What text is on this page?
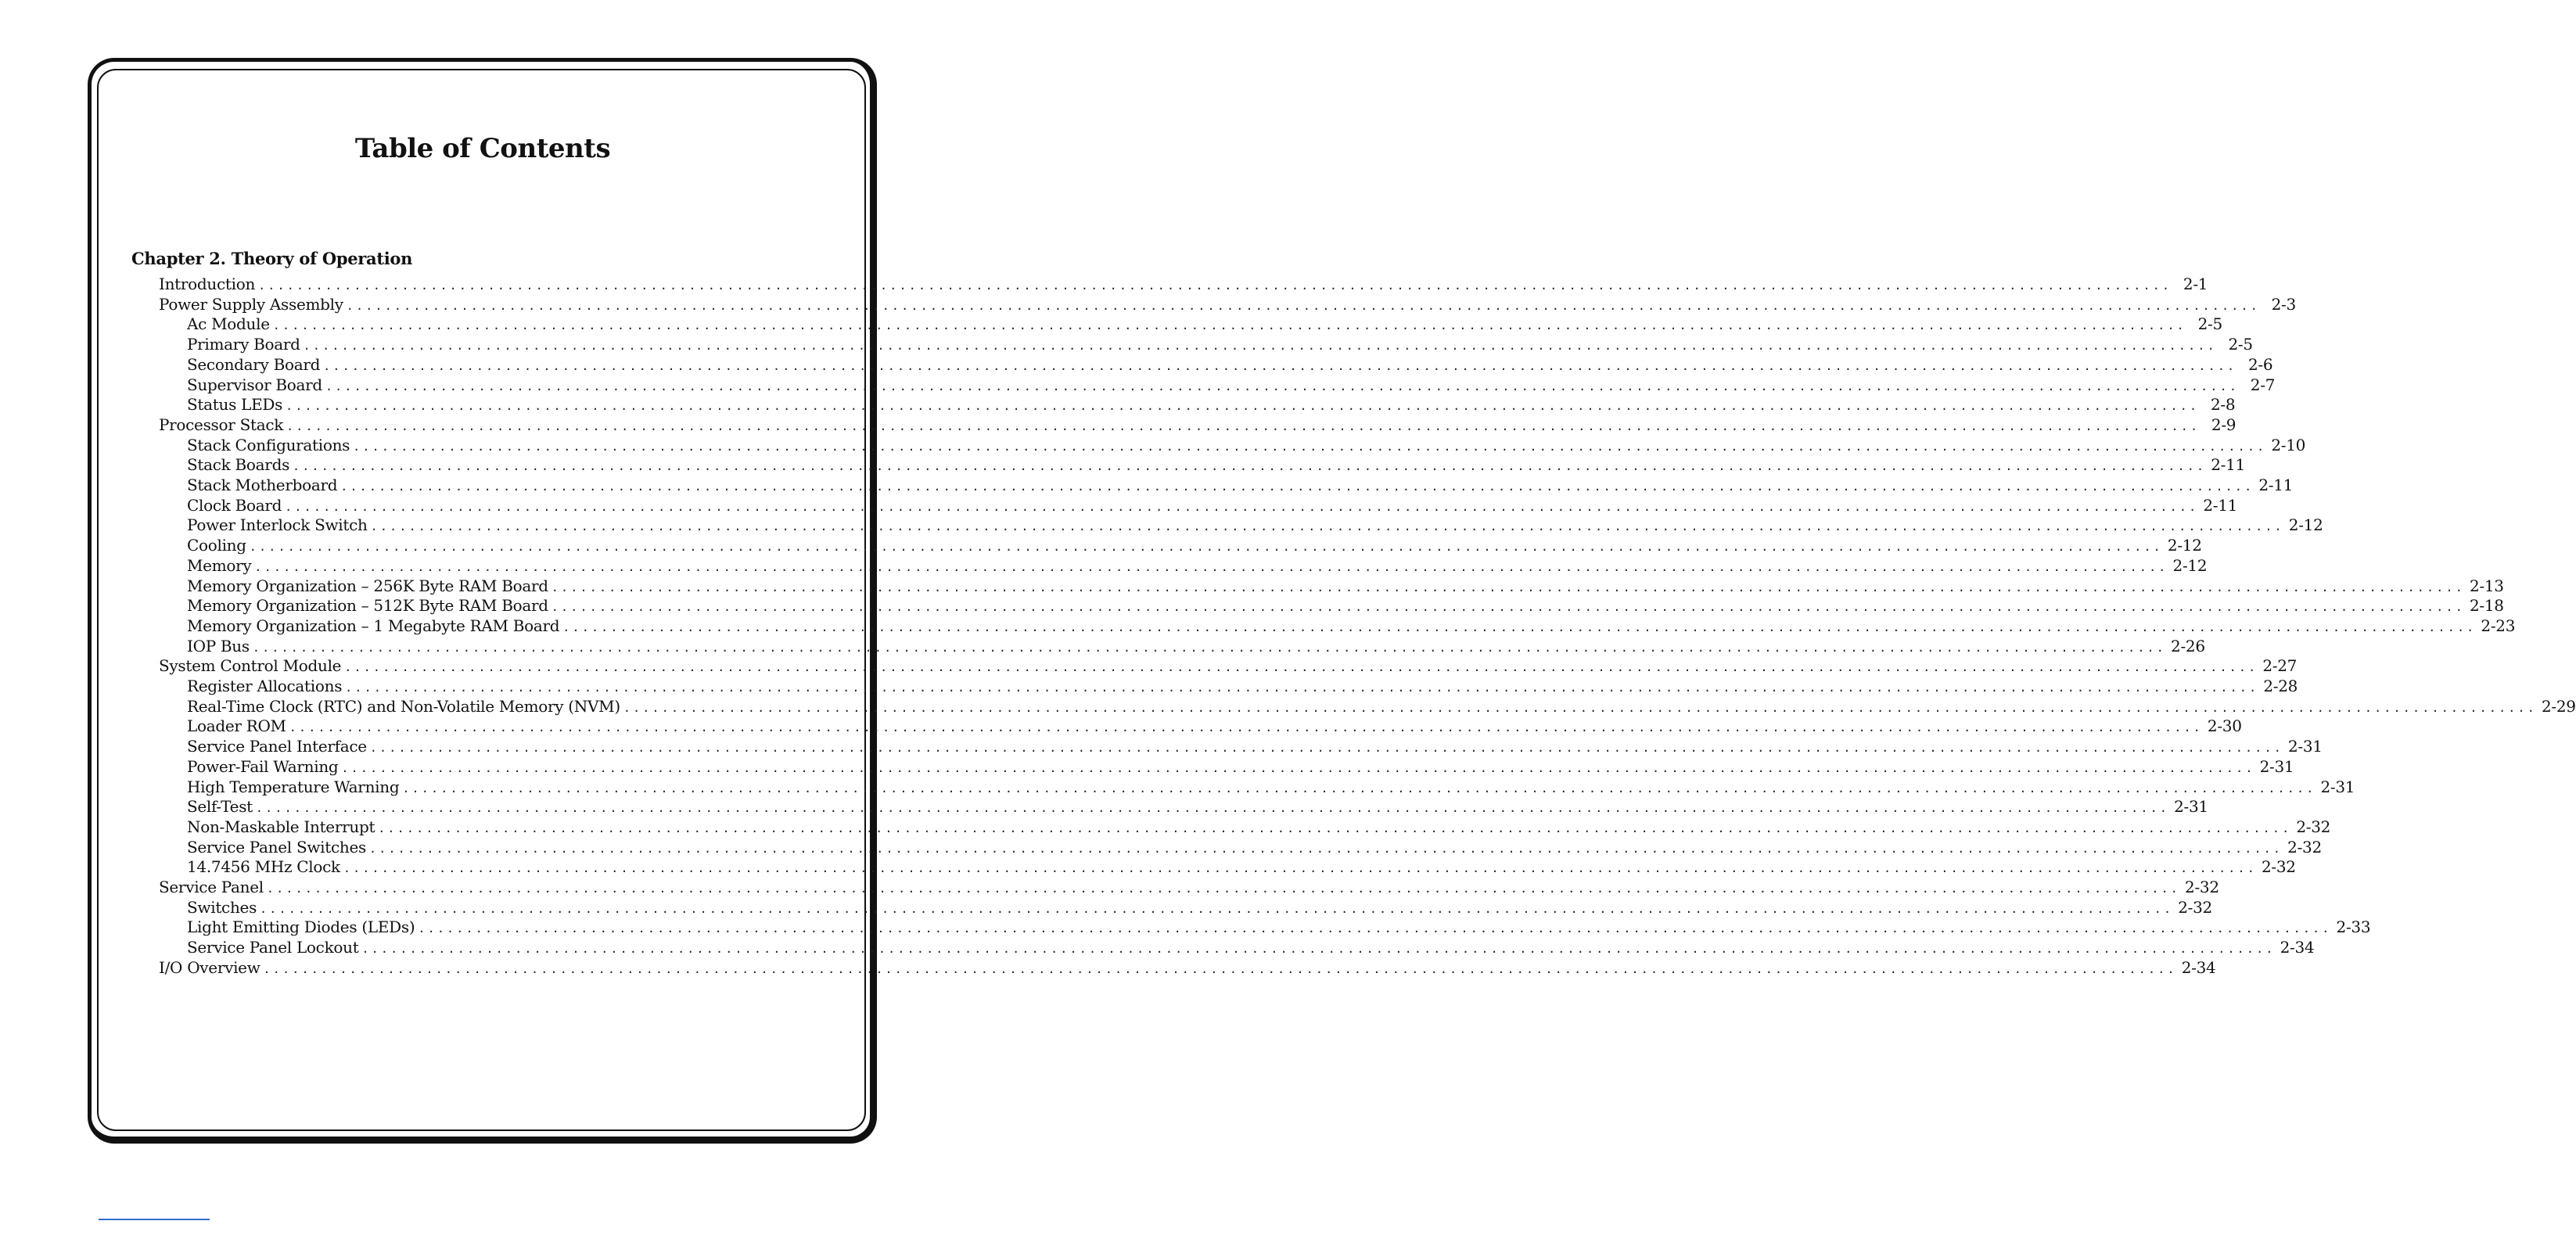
Table of Contents
Chapter 2. Theory of Operation
Introduction ........................................................................................................................................................................................................ 2-1
Power Supply Assembly ........................................................................................................................................................................................................ 2-3
Ac Module ........................................................................................................................................................................................................ 2-5
Primary Board ........................................................................................................................................................................................................ 2-5
Secondary Board ........................................................................................................................................................................................................ 2-6
Supervisor Board ........................................................................................................................................................................................................ 2-7
Status LEDs ........................................................................................................................................................................................................ 2-8
Processor Stack ........................................................................................................................................................................................................ 2-9
Stack Configurations ........................................................................................................................................................................................................ 2-10
Stack Boards ........................................................................................................................................................................................................ 2-11
Stack Motherboard ........................................................................................................................................................................................................ 2-11
Clock Board ........................................................................................................................................................................................................ 2-11
Power Interlock Switch ........................................................................................................................................................................................................ 2-12
Cooling ........................................................................................................................................................................................................ 2-12
Memory ........................................................................................................................................................................................................ 2-12
Memory Organization – 256K Byte RAM Board ........................................................................................................................................................................................................ 2-13
Memory Organization – 512K Byte RAM Board ........................................................................................................................................................................................................ 2-18
Memory Organization – 1 Megabyte RAM Board ........................................................................................................................................................................................................ 2-23
IOP Bus ........................................................................................................................................................................................................ 2-26
System Control Module ........................................................................................................................................................................................................ 2-27
Register Allocations ........................................................................................................................................................................................................ 2-28
Real-Time Clock (RTC) and Non-Volatile Memory (NVM) ........................................................................................................................................................................................................ 2-29
Loader ROM ........................................................................................................................................................................................................ 2-30
Service Panel Interface ........................................................................................................................................................................................................ 2-31
Power-Fail Warning ........................................................................................................................................................................................................ 2-31
High Temperature Warning ........................................................................................................................................................................................................ 2-31
Self-Test ........................................................................................................................................................................................................ 2-31
Non-Maskable Interrupt ........................................................................................................................................................................................................ 2-32
Service Panel Switches ........................................................................................................................................................................................................ 2-32
14.7456 MHz Clock ........................................................................................................................................................................................................ 2-32
Service Panel ........................................................................................................................................................................................................ 2-32
Switches ........................................................................................................................................................................................................ 2-32
Light Emitting Diodes (LEDs) ........................................................................................................................................................................................................ 2-33
Service Panel Lockout ........................................................................................................................................................................................................ 2-34
I/O Overview ........................................................................................................................................................................................................ 2-34
